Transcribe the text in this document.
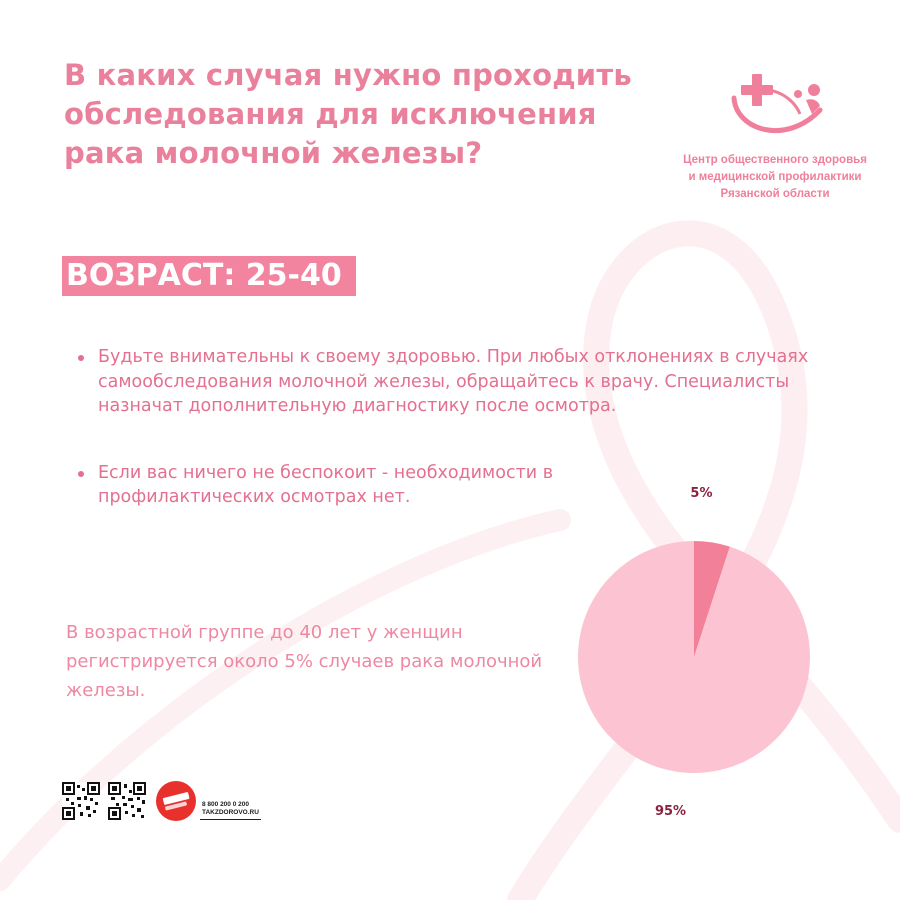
В каких случая нужно проходить обследования для исключения рака молочной железы?	Центр общественного здоровья
и медицинской профилактики
Рязанской области
ВОЗРАСТ: 25-40
Будьте внимательны к своему здоровью. При любых отклонениях в случаях самообследования молочной железы, обращайтесь к врачу. Специалисты назначат дополнительную диагностику после осмотра.
Если вас ничего не беспокоит - необходимости в профилактических осмотрах нет.

В возрастной группе до 40 лет у женщин регистрируется около 5% случаев рака молочной железы.

5%
95%
8 800 200 0 200
TAKZDOROVO.RU
